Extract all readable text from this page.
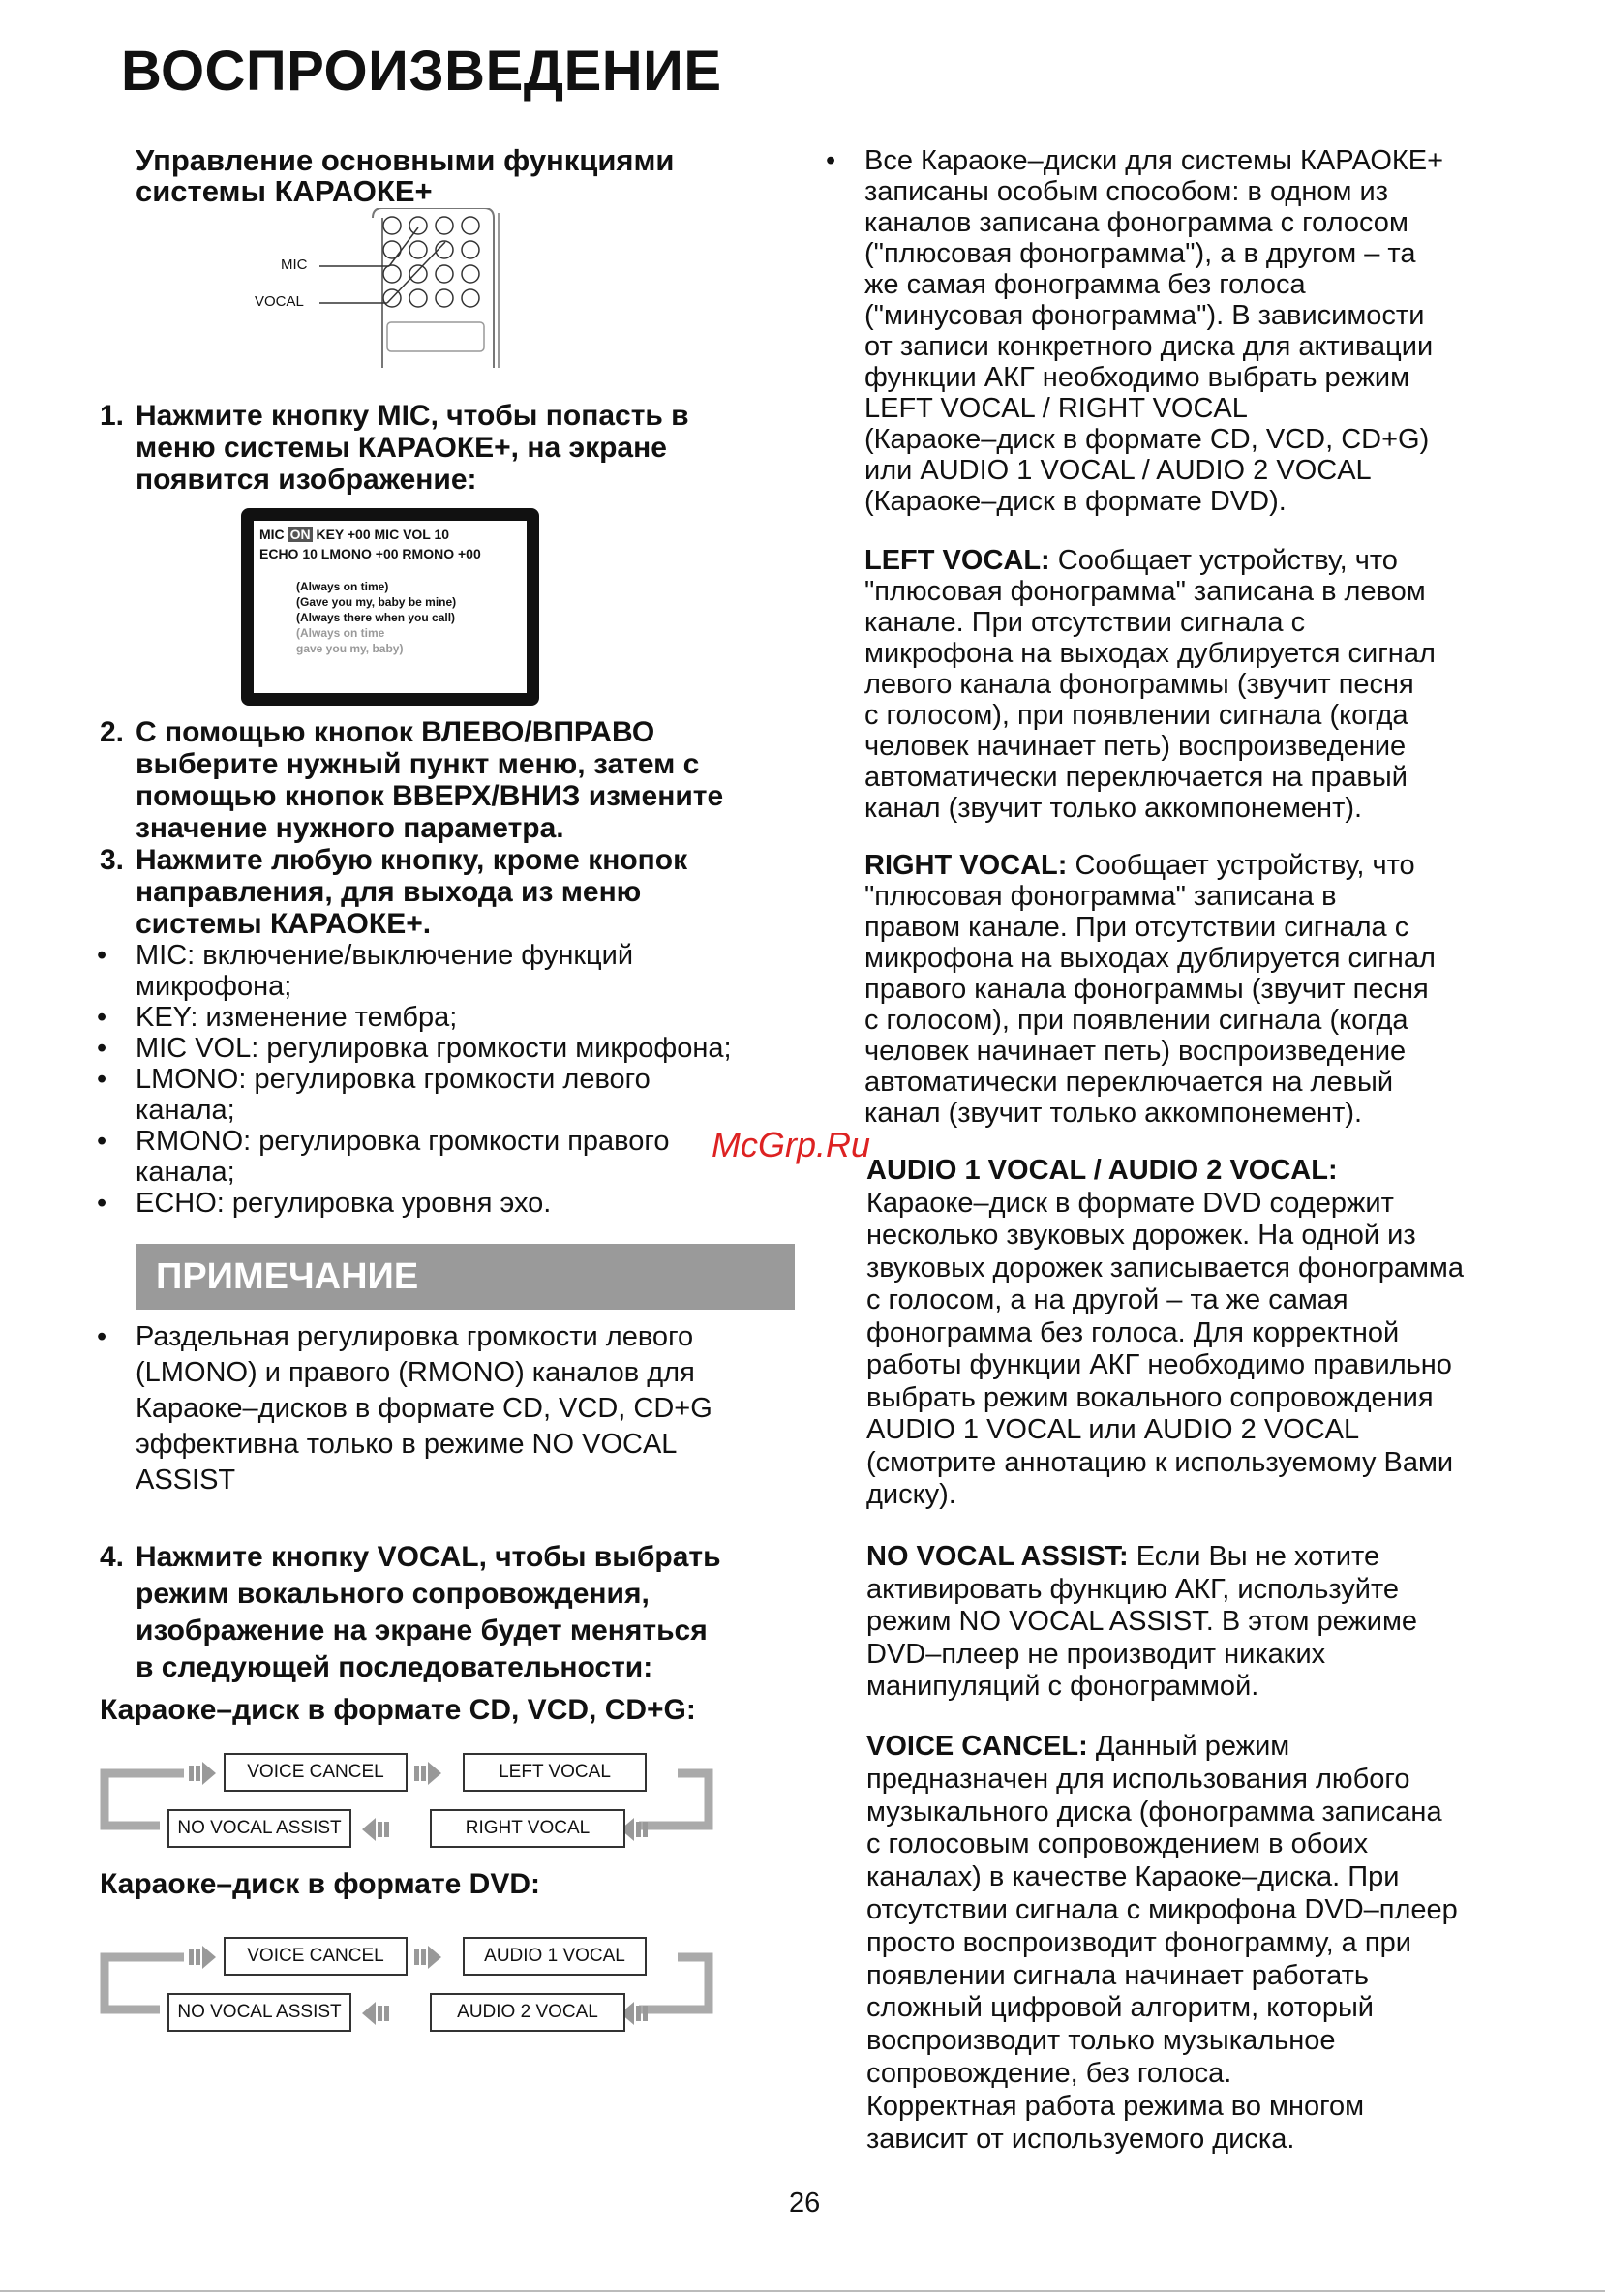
ВОСПРОИЗВЕДЕНИЕ
Управление основными функциями
системы КАРАОКЕ+
MIC
VOCAL
1. Нажмите кнопку MIC, чтобы попасть в
меню системы КАРАОКЕ+, на экране
появится изображение:
MIC ON KEY +00 MIC VOL 10
ECHO 10 LMONO +00 RMONO +00
(Always on time)
(Gave you my, baby be mine)
(Always there when you call)
(Always on time
gave you my, baby)
2. С помощью кнопок ВЛЕВО/ВПРАВО
выберите нужный пункт меню, затем с
помощью кнопок ВВЕРХ/ВНИЗ измените
значение нужного параметра.
3. Нажмите любую кнопку, кроме кнопок
направления, для выхода из меню
системы КАРАОКЕ+.
• MIC: включение/выключение функций
микрофона;
• KEY: изменение тембра;
• MIC VOL: регулировка громкости микрофона;
• LMONO: регулировка громкости левого
канала;
• RMONO: регулировка громкости правого
канала;
• ECHO: регулировка уровня эхо.
ПРИМЕЧАНИЕ
• Раздельная регулировка громкости левого
(LMONO) и правого (RMONO) каналов для
Караоке–дисков в формате CD, VCD, CD+G
эффективна только в режиме NO VOCAL
ASSIST
4. Нажмите кнопку VOCAL, чтобы выбрать
режим вокального сопровождения,
изображение на экране будет меняться
в следующей последовательности:
Караоке–диск в формате CD, VCD, CD+G:
VOICE CANCEL	LEFT VOCAL
NO VOCAL ASSIST	RIGHT VOCAL
Караоке–диск в формате DVD:
VOICE CANCEL	AUDIO 1 VOCAL
NO VOCAL ASSIST	AUDIO 2 VOCAL
• Все Караоке–диски для системы КАРАОКЕ+
записаны особым способом: в одном из
каналов записана фонограмма с голосом
("плюсовая фонограмма"), а в другом – та
же самая фонограмма без голоса
("минусовая фонограмма"). В зависимости
от записи конкретного диска для активации
функции АКГ необходимо выбрать режим
LEFT VOCAL / RIGHT VOCAL
(Караоке–диск в формате CD, VCD, CD+G)
или AUDIO 1 VOCAL / AUDIO 2 VOCAL
(Караоке–диск в формате DVD).
LEFT VOCAL: Сообщает устройству, что
"плюсовая фонограмма" записана в левом
канале. При отсутствии сигнала с
микрофона на выходах дублируется сигнал
левого канала фонограммы (звучит песня
с голосом), при появлении сигнала (когда
человек начинает петь) воспроизведение
автоматически переключается на правый
канал (звучит только аккомпонемент).
RIGHT VOCAL: Сообщает устройству, что
"плюсовая фонограмма" записана в
правом канале. При отсутствии сигнала с
микрофона на выходах дублируется сигнал
правого канала фонограммы (звучит песня
с голосом), при появлении сигнала (когда
человек начинает петь) воспроизведение
автоматически переключается на левый
канал (звучит только аккомпонемент).
McGrp.Ru
AUDIO 1 VOCAL / AUDIO 2 VOCAL:
Караоке–диск в формате DVD содержит
несколько звуковых дорожек. На одной из
звуковых дорожек записывается фонограмма
с голосом, а на другой – та же самая
фонограмма без голоса. Для корректной
работы функции АКГ необходимо правильно
выбрать режим вокального сопровождения
AUDIO 1 VOCAL или AUDIO 2 VOCAL
(смотрите аннотацию к используемому Вами
диску).
NO VOCAL ASSIST: Если Вы не хотите
активировать функцию АКГ, используйте
режим NO VOCAL ASSIST. В этом режиме
DVD–плеер не производит никаких
манипуляций с фонограммой.
VOICE CANCEL: Данный режим
предназначен для использования любого
музыкального диска (фонограмма записана
с голосовым сопровождением в обоих
каналах) в качестве Караоке–диска. При
отсутствии сигнала с микрофона DVD–плеер
просто воспроизводит фонограмму, а при
появлении сигнала начинает работать
сложный цифровой алгоритм, который
воспроизводит только музыкальное
сопровождение, без голоса.
Корректная работа режима во многом
зависит от используемого диска.
26
